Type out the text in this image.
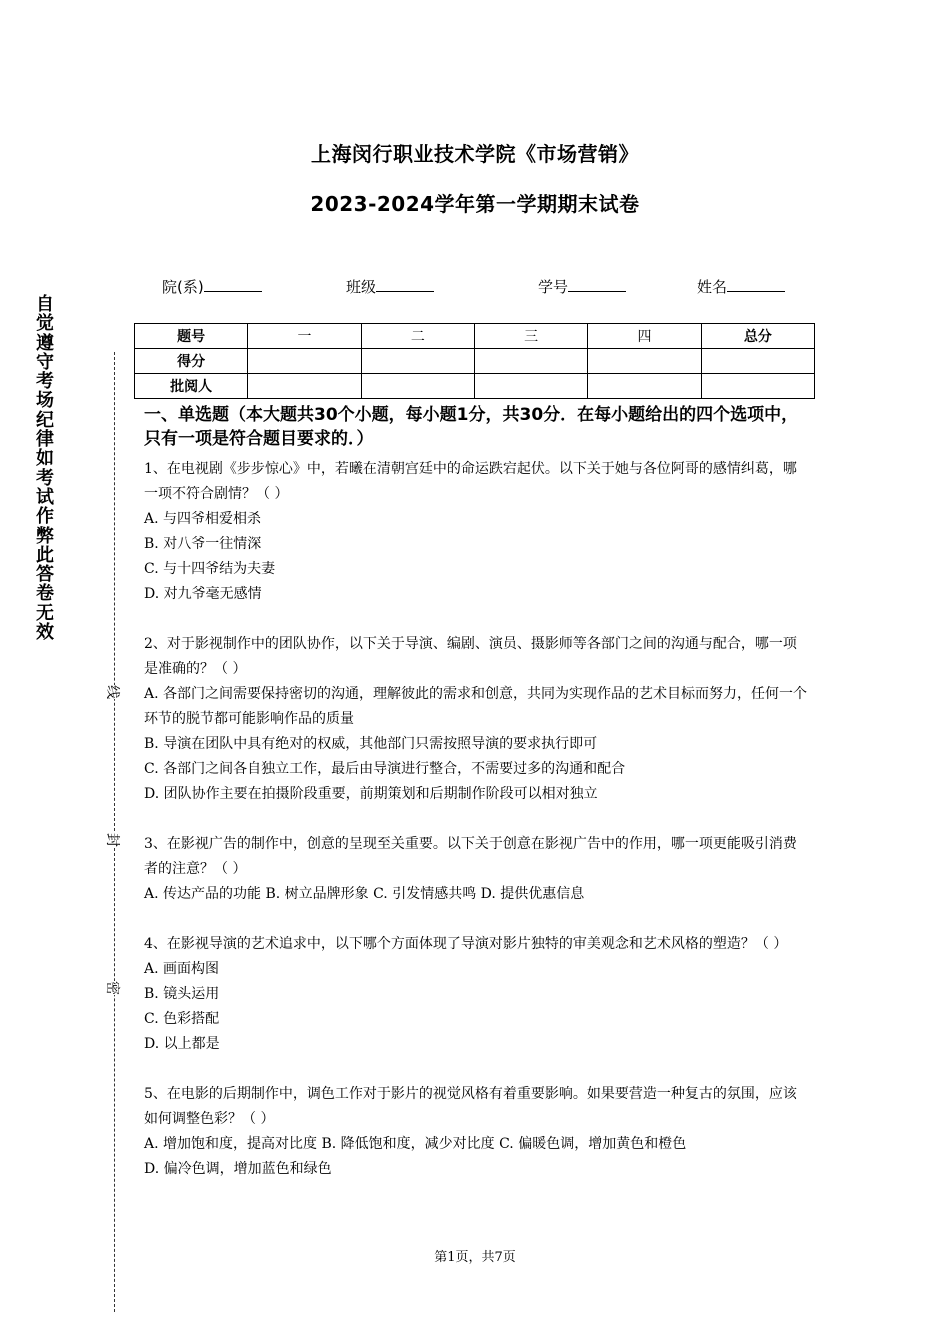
上海闵行职业技术学院《市场营销》
2023-2024学年第一学期期末试卷
院(系)	班级	学号	姓名
题号	一	二	三	四	总分
得分					
批阅人					
自
觉
遵
守
考
场
纪
律
如
考
试
作
弊
此
答
卷
无
效
线
封
密

一、单选题（本大题共30个小题，每小题1分，共30分．在每小题给出的四个选项中，只有一项是符合题目要求的．）

1、在电视剧《步步惊心》中，若曦在清朝宫廷中的命运跌宕起伏。以下关于她与各位阿哥的感情纠葛，哪一项不符合剧情？（ ）

A. 与四爷相爱相杀

B. 对八爷一往情深

C. 与十四爷结为夫妻

D. 对九爷毫无感情

2、对于影视制作中的团队协作，以下关于导演、编剧、演员、摄影师等各部门之间的沟通与配合，哪一项是准确的？（ ）

A. 各部门之间需要保持密切的沟通，理解彼此的需求和创意，共同为实现作品的艺术目标而努力，任何一个环节的脱节都可能影响作品的质量

B. 导演在团队中具有绝对的权威，其他部门只需按照导演的要求执行即可

C. 各部门之间各自独立工作，最后由导演进行整合，不需要过多的沟通和配合

D. 团队协作主要在拍摄阶段重要，前期策划和后期制作阶段可以相对独立

3、在影视广告的制作中，创意的呈现至关重要。以下关于创意在影视广告中的作用，哪一项更能吸引消费者的注意？（ ）

A. 传达产品的功能 B. 树立品牌形象 C. 引发情感共鸣 D. 提供优惠信息

4、在影视导演的艺术追求中，以下哪个方面体现了导演对影片独特的审美观念和艺术风格的塑造？（ ）

A. 画面构图

B. 镜头运用

C. 色彩搭配

D. 以上都是

5、在电影的后期制作中，调色工作对于影片的视觉风格有着重要影响。如果要营造一种复古的氛围，应该如何调整色彩？（ ）

A. 增加饱和度，提高对比度 B. 降低饱和度，减少对比度 C. 偏暖色调，增加黄色和橙色

D. 偏冷色调，增加蓝色和绿色

第1页，共7页
